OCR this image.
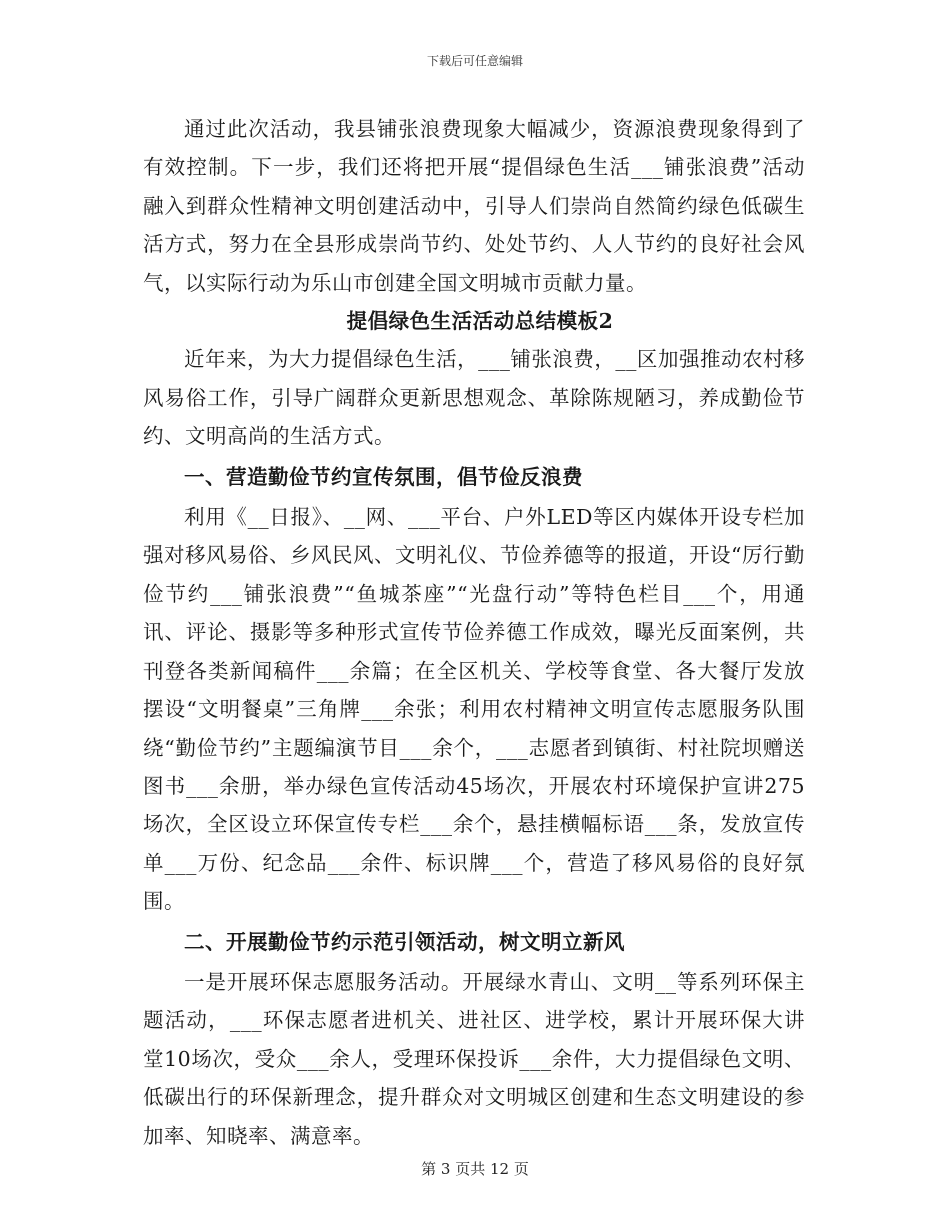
下载后可任意编辑

通过此次活动，我县铺张浪费现象大幅减少，资源浪费现象得到了有效控制。下一步，我们还将把开展“提倡绿色生活___铺张浪费”活动融入到群众性精神文明创建活动中，引导人们崇尚自然简约绿色低碳生活方式，努力在全县形成崇尚节约、处处节约、人人节约的良好社会风气，以实际行动为乐山市创建全国文明城市贡献力量。

提倡绿色生活活动总结模板2

近年来，为大力提倡绿色生活，___铺张浪费，__区加强推动农村移风易俗工作，引导广阔群众更新思想观念、革除陈规陋习，养成勤俭节约、文明高尚的生活方式。

一、营造勤俭节约宣传氛围，倡节俭反浪费

利用《__日报》、__网、___平台、户外LED等区内媒体开设专栏加强对移风易俗、乡风民风、文明礼仪、节俭养德等的报道，开设“厉行勤俭节约___铺张浪费”“鱼城茶座”“光盘行动”等特色栏目___个，用通讯、评论、摄影等多种形式宣传节俭养德工作成效，曝光反面案例，共刊登各类新闻稿件___余篇；在全区机关、学校等食堂、各大餐厅发放摆设“文明餐桌”三角牌___余张；利用农村精神文明宣传志愿服务队围绕“勤俭节约”主题编演节目___余个，___志愿者到镇街、村社院坝赠送图书___余册，举办绿色宣传活动45场次，开展农村环境保护宣讲275场次，全区设立环保宣传专栏___余个，悬挂横幅标语___条，发放宣传单___万份、纪念品___余件、标识牌___个，营造了移风易俗的良好氛围。

二、开展勤俭节约示范引领活动，树文明立新风

一是开展环保志愿服务活动。开展绿水青山、文明__等系列环保主题活动，___环保志愿者进机关、进社区、进学校，累计开展环保大讲堂10场次，受众___余人，受理环保投诉___余件，大力提倡绿色文明、低碳出行的环保新理念，提升群众对文明城区创建和生态文明建设的参加率、知晓率、满意率。

第 3 页共 12 页
